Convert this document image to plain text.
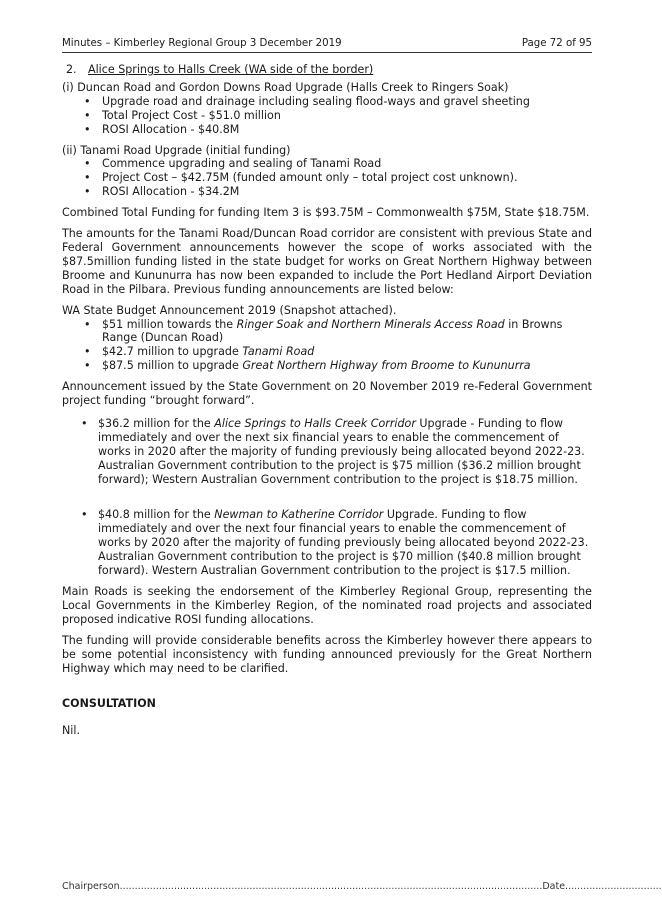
Minutes – Kimberley Regional Group 3 December 2019	Page 72 of 95

2. Alice Springs to Halls Creek (WA side of the border)

(i) Duncan Road and Gordon Downs Road Upgrade (Halls Creek to Ringers Soak)

• Upgrade road and drainage including sealing flood-ways and gravel sheeting
• Total Project Cost - $51.0 million
• ROSI Allocation - $40.8M

(ii) Tanami Road Upgrade (initial funding)

• Commence upgrading and sealing of Tanami Road
• Project Cost – $42.75M (funded amount only – total project cost unknown).
• ROSI Allocation - $34.2M

Combined Total Funding for funding Item 3 is $93.75M – Commonwealth $75M, State $18.75M.

The amounts for the Tanami Road/Duncan Road corridor are consistent with previous State and Federal Government announcements however the scope of works associated with the $87.5million funding listed in the state budget for works on Great Northern Highway between Broome and Kununurra has now been expanded to include the Port Hedland Airport Deviation Road in the Pilbara. Previous funding announcements are listed below:

WA State Budget Announcement 2019 (Snapshot attached).

• $51 million towards the Ringer Soak and Northern Minerals Access Road in Browns Range (Duncan Road)
• $42.7 million to upgrade Tanami Road
• $87.5 million to upgrade Great Northern Highway from Broome to Kununurra

Announcement issued by the State Government on 20 November 2019 re-Federal Government project funding “brought forward”.

• $36.2 million for the Alice Springs to Halls Creek Corridor Upgrade - Funding to flow immediately and over the next six financial years to enable the commencement of works in 2020 after the majority of funding previously being allocated beyond 2022-23. Australian Government contribution to the project is $75 million ($36.2 million brought forward); Western Australian Government contribution to the project is $18.75 million.
• $40.8 million for the Newman to Katherine Corridor Upgrade. Funding to flow immediately and over the next four financial years to enable the commencement of works by 2020 after the majority of funding previously being allocated beyond 2022-23. Australian Government contribution to the project is $70 million ($40.8 million brought forward). Western Australian Government contribution to the project is $17.5 million.

Main Roads is seeking the endorsement of the Kimberley Regional Group, representing the Local Governments in the Kimberley Region, of the nominated road projects and associated proposed indicative ROSI funding allocations.

The funding will provide considerable benefits across the Kimberley however there appears to be some potential inconsistency with funding announced previously for the Great Northern Highway which may need to be clarified.

CONSULTATION

Nil.

Chairperson............................................................................................................................................Date................................
